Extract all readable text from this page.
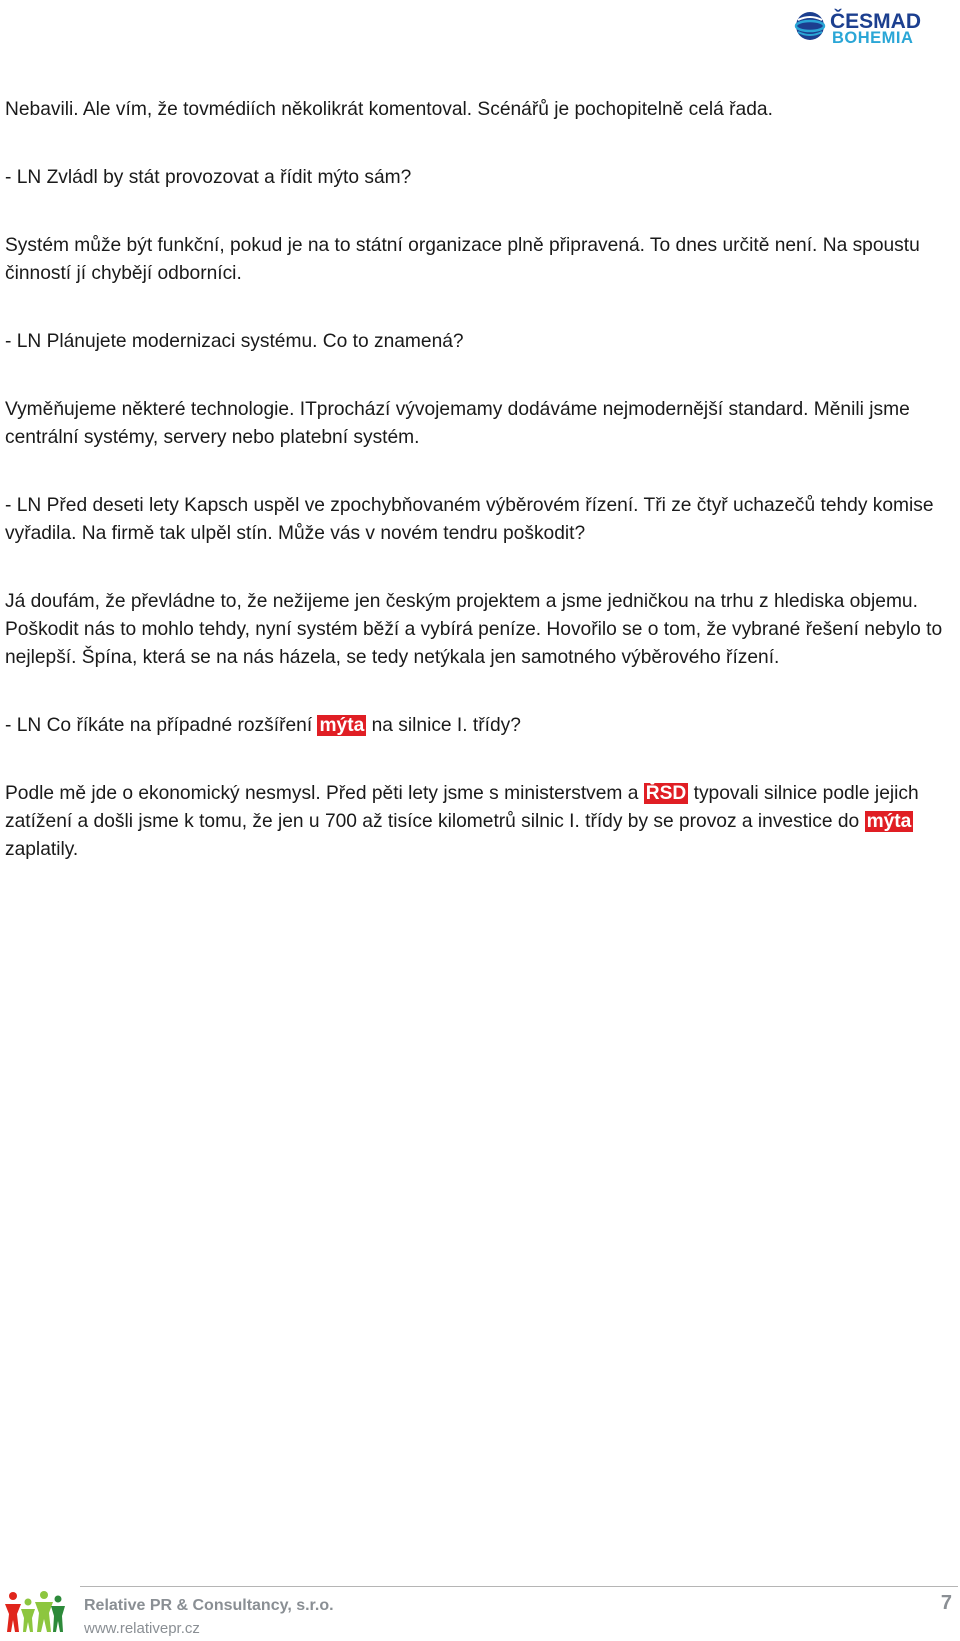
ČESMAD
BOHEMIA

Nebavili. Ale vím, že tovmédiích několikrát komentoval. Scénářů je pochopitelně celá řada.

- LN Zvládl by stát provozovat a řídit mýto sám?

Systém může být funkční, pokud je na to státní organizace plně připravená. To dnes určitě není. Na spoustu činností jí chybějí odborníci.

- LN Plánujete modernizaci systému. Co to znamená?

Vyměňujeme některé technologie. ITprochází vývojemamy dodáváme nejmodernější standard. Měnili jsme centrální systémy, servery nebo platební systém.

- LN Před deseti lety Kapsch uspěl ve zpochybňovaném výběrovém řízení. Tři ze čtyř uchazečů tehdy komise vyřadila. Na firmě tak ulpěl stín. Může vás v novém tendru poškodit?

Já doufám, že převládne to, že nežijeme jen českým projektem a jsme jedničkou na trhu z hlediska objemu. Poškodit nás to mohlo tehdy, nyní systém běží a vybírá peníze. Hovořilo se o tom, že vybrané řešení nebylo to nejlepší. Špína, která se na nás házela, se tedy netýkala jen samotného výběrového řízení.

- LN Co říkáte na případné rozšíření mýta na silnice I. třídy?

Podle mě jde o ekonomický nesmysl. Před pěti lety jsme s ministerstvem a ŘSD typovali silnice podle jejich zatížení a došli jsme k tomu, že jen u 700 až tisíce kilometrů silnic I. třídy by se provoz a investice do mýta zaplatily.

Relative PR & Consultancy, s.r.o.
www.relativepr.cz
7
